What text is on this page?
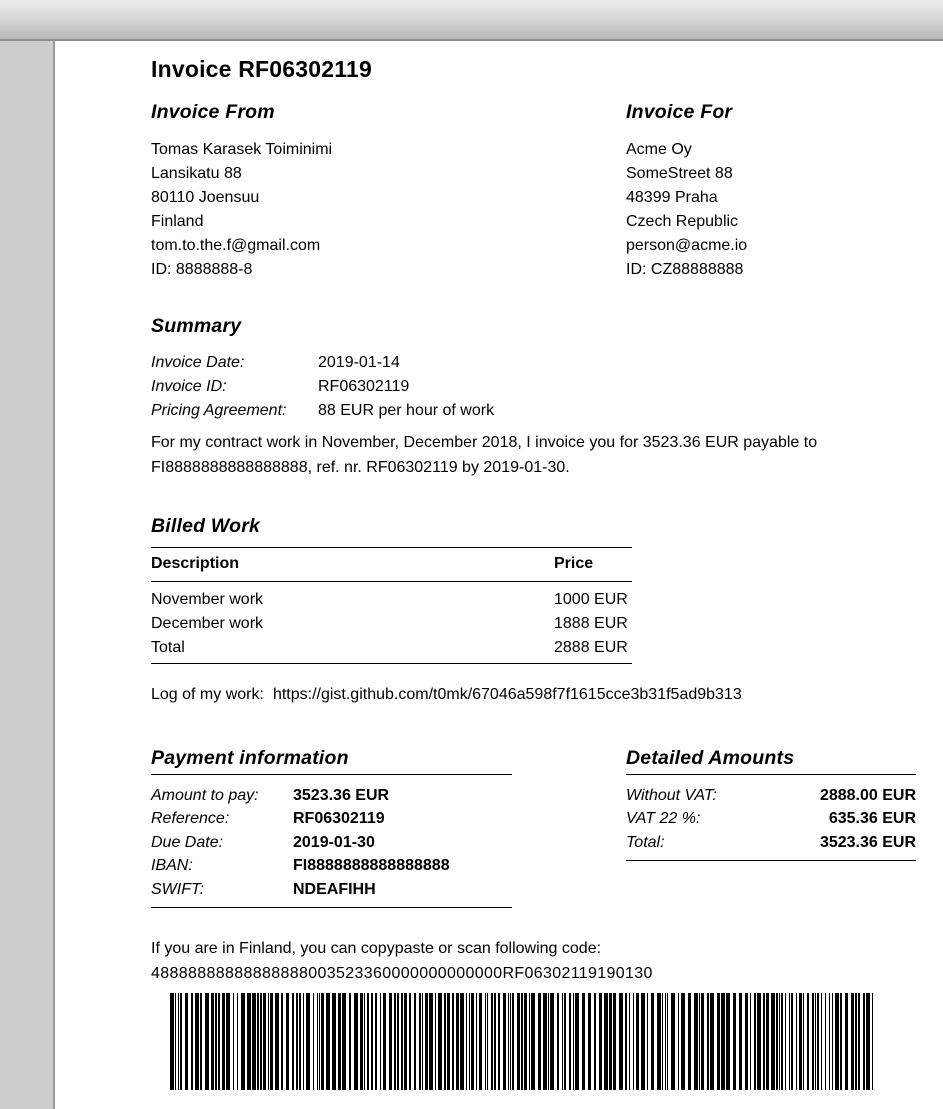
Invoice RF06302119
Invoice From
Tomas Karasek Toiminimi
Lansikatu 88
80110 Joensuu
Finland
tom.to.the.f@gmail.com
ID: 8888888-8
Invoice For
Acme Oy
SomeStreet 88
48399 Praha
Czech Republic
person@acme.io
ID: CZ88888888
Summary
Invoice Date:	2019-01-14
Invoice ID:	RF06302119
Pricing Agreement:	88 EUR per hour of work

For my contract work in November, December 2018, I invoice you for 3523.36 EUR payable to FI8888888888888888, ref. nr. RF06302119 by 2019-01-30.

Billed Work
Description	Price
November work	1000 EUR
December work	1888 EUR
Total	2888 EUR

Log of my work: https://gist.github.com/t0mk/67046a598f7f1615cce3b31f5ad9b313

Payment information
Amount to pay:	3523.36 EUR
Reference:	RF06302119
Due Date:	2019-01-30
IBAN:	FI8888888888888888
SWIFT:	NDEAFIHH
Detailed Amounts
Without VAT:	2888.00 EUR
VAT 22 %:	635.36 EUR
Total:	3523.36 EUR

If you are in Finland, you can copypaste or scan following code:

48888888888888888003523360000000000000RF06302119190130
